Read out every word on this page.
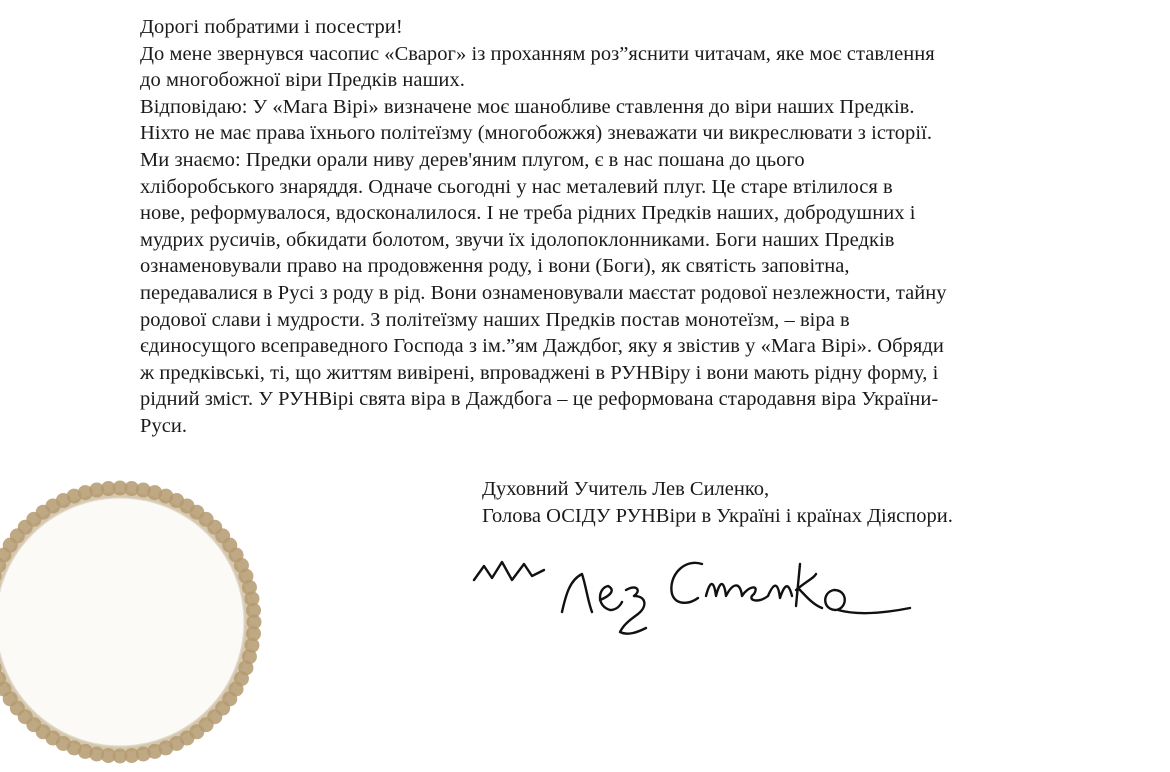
Дорогі побратими і посестри!
До мене звернувся часопис «Сварог» із проханням роз”яснити читачам, яке моє ставлення
до многобожної віри Предків наших.
Відповідаю: У «Мага Вірі» визначене моє шанобливе ставлення до віри наших Предків.
Ніхто не має права їхнього політеїзму (многобожжя) зневажати чи викреслювати з історії.
Ми знаємо: Предки орали ниву дерев'яним плугом, є в нас пошана до цього
хліборобського знаряддя. Одначе сьогодні у нас металевий плуг. Це старе втілилося в
нове, реформувалося, вдосконалилося. І не треба рідних Предків наших, добродушних і
мудрих русичів, обкидати болотом, звучи їх ідолопоклонниками. Боги наших Предків
ознаменовували право на продовження роду, і вони (Боги), як святість заповітна,
передавалися в Русі з роду в рід. Вони ознаменовували маєстат родової незлежности, тайну
родової слави і мудрости. З політеїзму наших Предків постав монотеїзм, – віра в
єдиносущого всеправедного Господа з ім.”ям Даждбог, яку я звістив у «Мага Вірі». Обряди
ж предківські, ті, що життям вивірені, впроваджені в РУНВіру і вони мають рідну форму, і
рідний зміст. У РУНВірі свята віра в Даждбога – це реформована стародавня віра України-
Руси.
Духовний Учитель Лев Силенко,
Голова ОСІДУ РУНВіри в Україні і країнах Діяспори.
